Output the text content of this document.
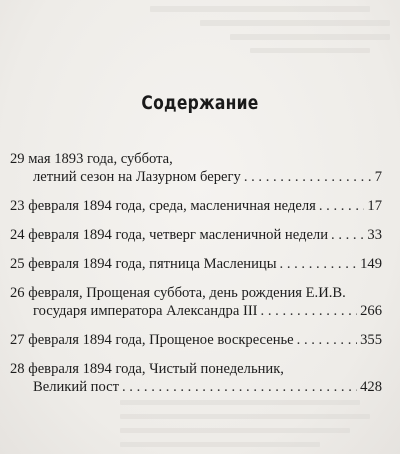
Содержание
29 мая 1893 года, суббота,
летний сезон на Лазурном берегу . . .	7
23 февраля 1894 года, среда, масленичная неделя . . .	17
24 февраля 1894 года, четверг масленичной недели . . .	33
25 февраля 1894 года, пятница Масленицы . . .	149
26 февраля, Прощеная суббота, день рождения Е.И.В.
государя императора Александра III . . .	266
27 февраля 1894 года, Прощеное воскресенье . . .	355
28 февраля 1894 года, Чистый понедельник,
Великий пост . . .	428
